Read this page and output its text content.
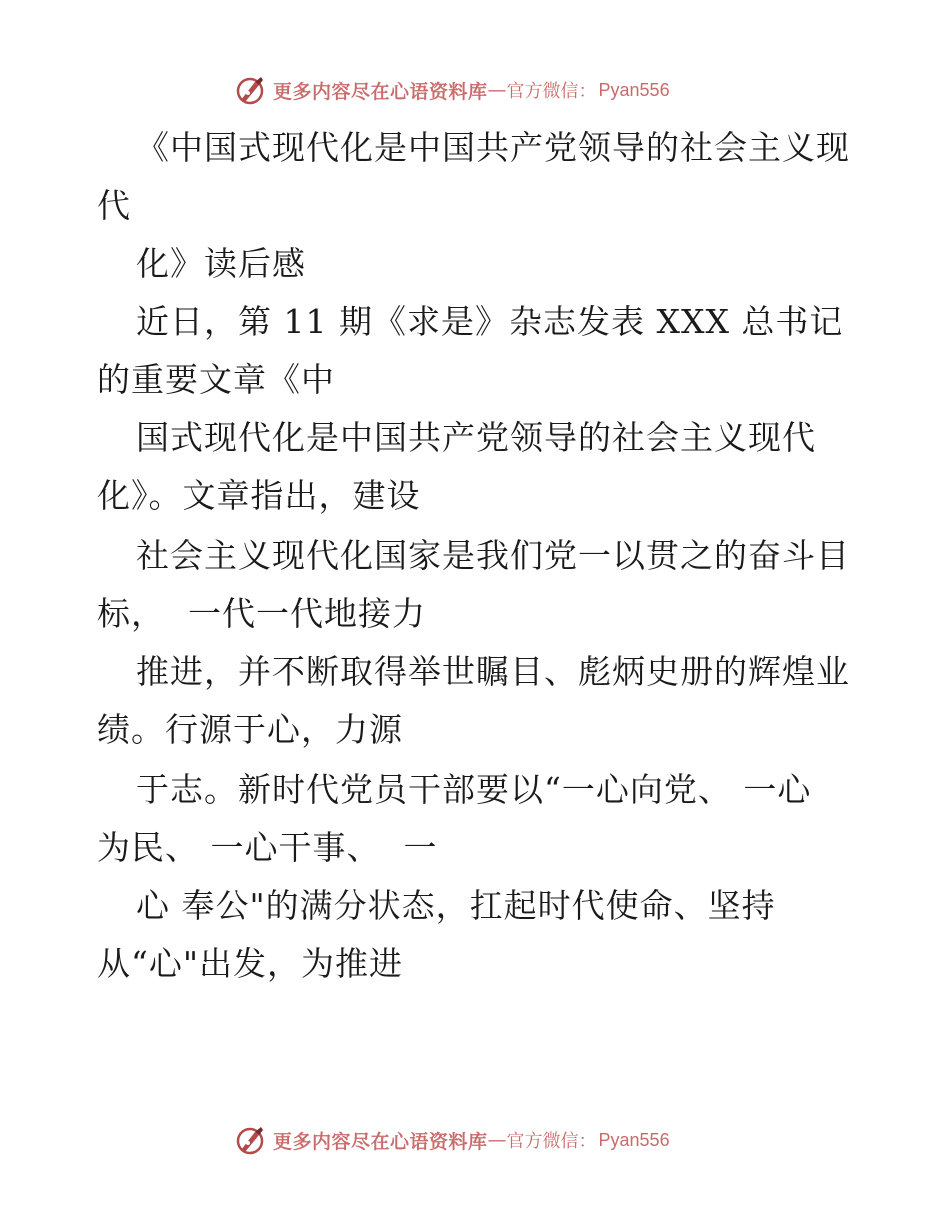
更多内容尽在心语资料库 — 官方微信： Pyan556
《中国式现代化是中国共产党领导的社会主义现
代
化》读后感
近日，第 11 期《求是》杂志发表 XXX 总书记
的重要文章《中
国式现代化是中国共产党领导的社会主义现代
化》。文章指出，建设
社会主义现代化国家是我们党一以贯之的奋斗目
标，  一代一代地接力
推进，并不断取得举世瞩目、彪炳史册的辉煌业
绩。行源于心，力源
于志。新时代党员干部要以“一心向党、 一心
为民、 一心干事、  一
心 奉公"的满分状态，扛起时代使命、坚持
从“心"出发，为推进
更多内容尽在心语资料库 — 官方微信： Pyan556
